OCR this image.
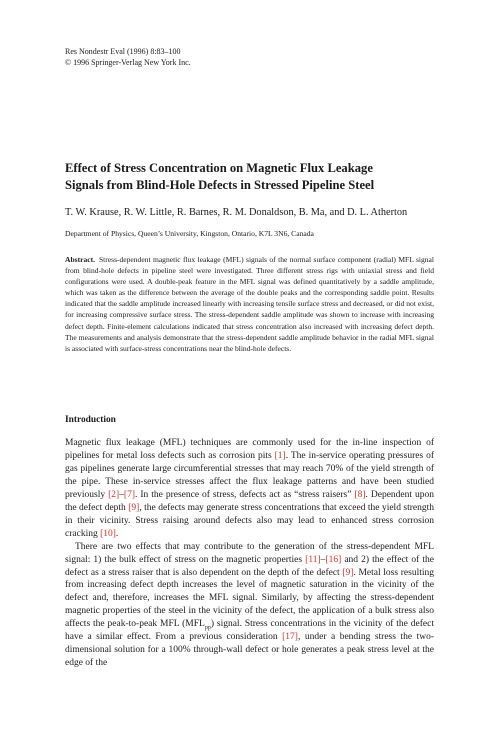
Res Nondestr Eval (1996) 8:83–100
© 1996 Springer-Verlag New York Inc.
Effect of Stress Concentration on Magnetic Flux Leakage
Signals from Blind-Hole Defects in Stressed Pipeline Steel
T. W. Krause, R. W. Little, R. Barnes, R. M. Donaldson, B. Ma, and D. L. Atherton
Department of Physics, Queen’s University, Kingston, Ontario, K7L 3N6, Canada
Abstract. Stress-dependent magnetic flux leakage (MFL) signals of the normal surface component (radial) MFL signal from blind-hole defects in pipeline steel were investigated. Three different stress rigs with uniaxial stress and field configurations were used. A double-peak feature in the MFL signal was defined quantitatively by a saddle amplitude, which was taken as the difference between the average of the double peaks and the corresponding saddle point. Results indicated that the saddle amplitude increased linearly with increasing tensile surface stress and decreased, or did not exist, for increasing compressive surface stress. The stress-dependent saddle amplitude was shown to increase with increasing defect depth. Finite-element calculations indicated that stress concentration also increased with increasing defect depth. The measurements and analysis demonstrate that the stress-dependent saddle amplitude behavior in the radial MFL signal is associated with surface-stress concentrations near the blind-hole defects.
Introduction

Magnetic flux leakage (MFL) techniques are commonly used for the in-line inspection of pipelines for metal loss defects such as corrosion pits [1]. The in-service operating pressures of gas pipelines generate large circumferential stresses that may reach 70% of the yield strength of the pipe. These in-service stresses affect the flux leakage patterns and have been studied previously [2]–[7]. In the presence of stress, defects act as “stress raisers” [8]. Dependent upon the defect depth [9], the defects may generate stress concentrations that exceed the yield strength in their vicinity. Stress raising around defects also may lead to enhanced stress corrosion cracking [10].

There are two effects that may contribute to the generation of the stress-dependent MFL signal: 1) the bulk effect of stress on the magnetic properties [11]–[16] and 2) the effect of the defect as a stress raiser that is also dependent on the depth of the defect [9]. Metal loss resulting from increasing defect depth increases the level of magnetic saturation in the vicinity of the defect and, therefore, increases the MFL signal. Similarly, by affecting the stress-dependent magnetic properties of the steel in the vicinity of the defect, the application of a bulk stress also affects the peak-to-peak MFL $(MFL_{pp})$ signal. Stress concentrations in the vicinity of the defect have a similar effect. From a previous consideration [17], under a bending stress the two-dimensional solution for a 100% through-wall defect or hole generates a peak stress level at the edge of the
